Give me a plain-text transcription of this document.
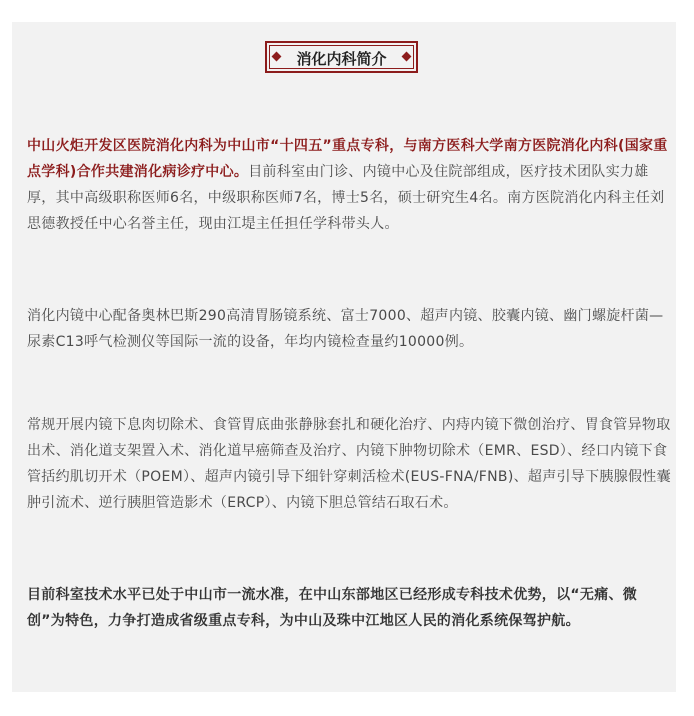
消化内科简介
中山火炬开发区医院消化内科为中山市“十四五”重点专科，与南方医科大学南方医院消化内科(国家重点学科)合作共建消化病诊疗中心。目前科室由门诊、内镜中心及住院部组成，医疗技术团队实力雄厚，其中高级职称医师6名，中级职称医师7名，博士5名，硕士研究生4名。南方医院消化内科主任刘思德教授任中心名誉主任，现由江堤主任担任学科带头人。
消化内镜中心配备奥林巴斯290高清胃肠镜系统、富士7000、超声内镜、胶囊内镜、幽门螺旋杆菌—尿素C13呼气检测仪等国际一流的设备，年均内镜检查量约10000例。
常规开展内镜下息肉切除术、食管胃底曲张静脉套扎和硬化治疗、内痔内镜下微创治疗、胃食管异物取出术、消化道支架置入术、消化道早癌筛查及治疗、内镜下肿物切除术（EMR、ESD）、经口内镜下食管括约肌切开术（POEM）、超声内镜引导下细针穿刺活检术(EUS-FNA/FNB)、超声引导下胰腺假性囊肿引流术、逆行胰胆管造影术（ERCP）、内镜下胆总管结石取石术。
目前科室技术水平已处于中山市一流水准，在中山东部地区已经形成专科技术优势，以“无痛、微创”为特色，力争打造成省级重点专科，为中山及珠中江地区人民的消化系统保驾护航。
